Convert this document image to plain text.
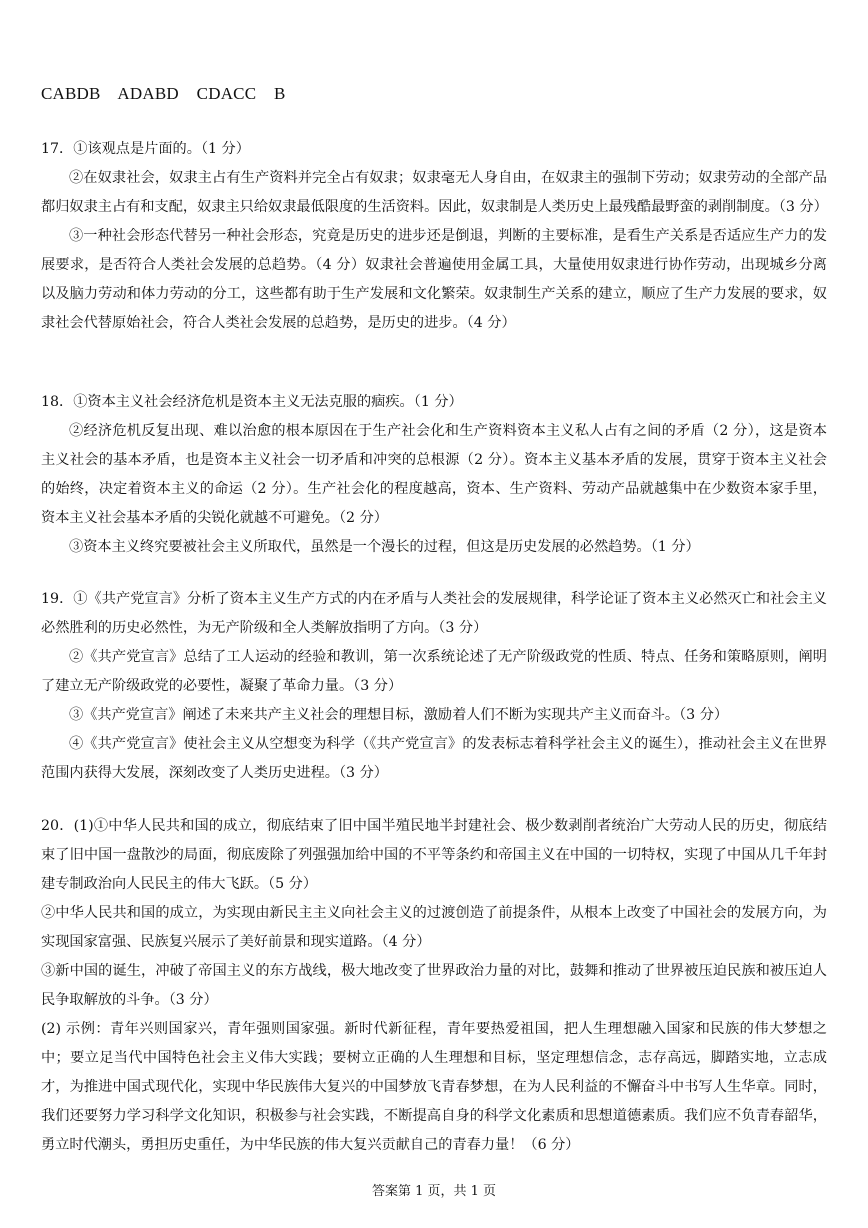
CABDB    ADABD    CDACC    B

17．①该观点是片面的。（1 分）

②在奴隶社会，奴隶主占有生产资料并完全占有奴隶；奴隶毫无人身自由，在奴隶主的强制下劳动；奴隶劳动的全部产品都归奴隶主占有和支配，奴隶主只给奴隶最低限度的生活资料。因此，奴隶制是人类历史上最残酷最野蛮的剥削制度。（3 分）

③一种社会形态代替另一种社会形态，究竟是历史的进步还是倒退，判断的主要标准，是看生产关系是否适应生产力的发展要求，是否符合人类社会发展的总趋势。（4 分）奴隶社会普遍使用金属工具，大量使用奴隶进行协作劳动，出现城乡分离以及脑力劳动和体力劳动的分工，这些都有助于生产发展和文化繁荣。奴隶制生产关系的建立，顺应了生产力发展的要求，奴隶社会代替原始社会，符合人类社会发展的总趋势，是历史的进步。（4 分）

18．①资本主义社会经济危机是资本主义无法克服的痼疾。（1 分）

②经济危机反复出现、难以治愈的根本原因在于生产社会化和生产资料资本主义私人占有之间的矛盾（2 分），这是资本主义社会的基本矛盾，也是资本主义社会一切矛盾和冲突的总根源（2 分）。资本主义基本矛盾的发展，贯穿于资本主义社会的始终，决定着资本主义的命运（2 分）。生产社会化的程度越高，资本、生产资料、劳动产品就越集中在少数资本家手里，资本主义社会基本矛盾的尖锐化就越不可避免。（2 分）

③资本主义终究要被社会主义所取代，虽然是一个漫长的过程，但这是历史发展的必然趋势。（1 分）

19．①《共产党宣言》分析了资本主义生产方式的内在矛盾与人类社会的发展规律，科学论证了资本主义必然灭亡和社会主义必然胜利的历史必然性，为无产阶级和全人类解放指明了方向。（3 分）

②《共产党宣言》总结了工人运动的经验和教训，第一次系统论述了无产阶级政党的性质、特点、任务和策略原则，阐明了建立无产阶级政党的必要性，凝聚了革命力量。（3 分）

③《共产党宣言》阐述了未来共产主义社会的理想目标，激励着人们不断为实现共产主义而奋斗。（3 分）

④《共产党宣言》使社会主义从空想变为科学（《共产党宣言》的发表标志着科学社会主义的诞生），推动社会主义在世界范围内获得大发展，深刻改变了人类历史进程。（3 分）

20．(1)①中华人民共和国的成立，彻底结束了旧中国半殖民地半封建社会、极少数剥削者统治广大劳动人民的历史，彻底结束了旧中国一盘散沙的局面，彻底废除了列强强加给中国的不平等条约和帝国主义在中国的一切特权，实现了中国从几千年封建专制政治向人民民主的伟大飞跃。（5 分）

②中华人民共和国的成立，为实现由新民主主义向社会主义的过渡创造了前提条件，从根本上改变了中国社会的发展方向，为实现国家富强、民族复兴展示了美好前景和现实道路。（4 分）

③新中国的诞生，冲破了帝国主义的东方战线，极大地改变了世界政治力量的对比，鼓舞和推动了世界被压迫民族和被压迫人民争取解放的斗争。（3 分）

(2) 示例：青年兴则国家兴，青年强则国家强。新时代新征程，青年要热爱祖国，把人生理想融入国家和民族的伟大梦想之中；要立足当代中国特色社会主义伟大实践；要树立正确的人生理想和目标，坚定理想信念，志存高远，脚踏实地，立志成才，为推进中国式现代化，实现中华民族伟大复兴的中国梦放飞青春梦想，在为人民利益的不懈奋斗中书写人生华章。同时，我们还要努力学习科学文化知识，积极参与社会实践，不断提高自身的科学文化素质和思想道德素质。我们应不负青春韶华，勇立时代潮头，勇担历史重任，为中华民族的伟大复兴贡献自己的青春力量！（6 分）

答案第 1 页，共 1 页
